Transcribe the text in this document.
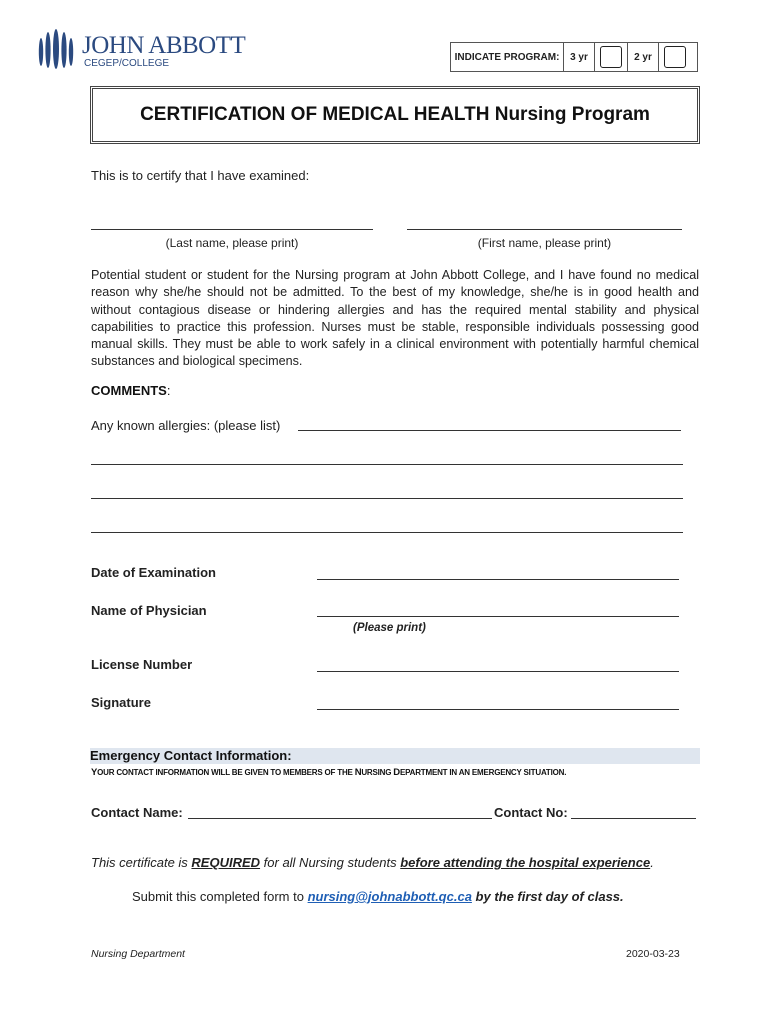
JOHN ABBOTT
CEGEP/COLLEGE
INDICATE PROGRAM:	3 yr	2 yr
CERTIFICATION OF MEDICAL HEALTH Nursing Program
This is to certify that I have examined:
(Last name, please print)	(First name, please print)
Potential student or student for the Nursing program at John Abbott College, and I have found no medical reason why she/he should not be admitted. To the best of my knowledge, she/he is in good health and without contagious disease or hindering allergies and has the required mental stability and physical capabilities to practice this profession. Nurses must be stable, responsible individuals possessing good manual skills. They must be able to work safely in a clinical environment with potentially harmful chemical substances and biological specimens.
COMMENTS:
Any known allergies: (please list)
Date of Examination
Name of Physician
(Please print)
License Number
Signature
Emergency Contact Information:
YOUR CONTACT INFORMATION WILL BE GIVEN TO MEMBERS OF THE NURSING DEPARTMENT IN AN EMERGENCY SITUATION.
Contact Name:	Contact No:
This certificate is REQUIRED for all Nursing students before attending the hospital experience.
Submit this completed form to nursing@johnabbott.qc.ca by the first day of class.
Nursing Department	2020-03-23
